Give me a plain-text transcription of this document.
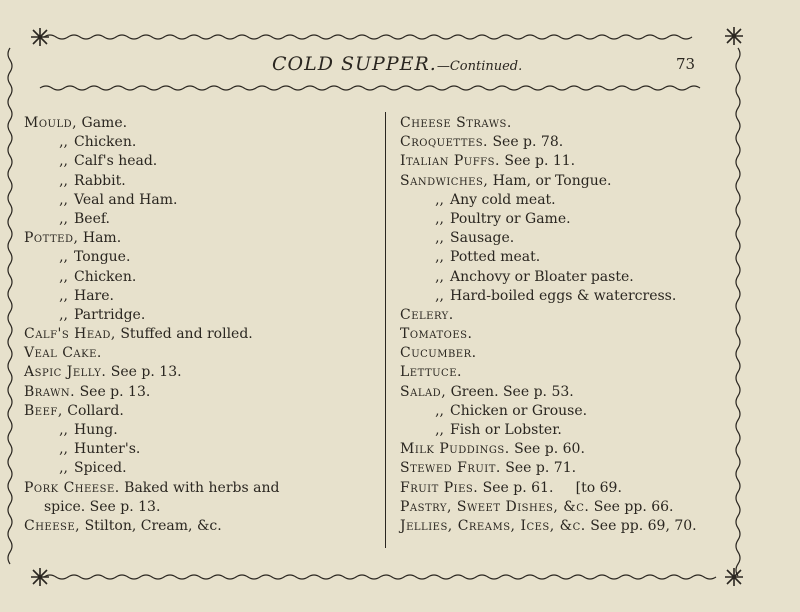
COLD SUPPER.—Continued.	73
Mould, Game.
,, Chicken.
,, Calf's head.
,, Rabbit.
,, Veal and Ham.
,, Beef.
Potted, Ham.
,, Tongue.
,, Chicken.
,, Hare.
,, Partridge.
Calf's Head, Stuffed and rolled.
Veal Cake.
Aspic Jelly. See p. 13.
Brawn. See p. 13.
Beef, Collard.
,, Hung.
,, Hunter's.
,, Spiced.
Pork Cheese. Baked with herbs and
spice. See p. 13.
Cheese, Stilton, Cream, &c.
Cheese Straws.
Croquettes. See p. 78.
Italian Puffs. See p. 11.
Sandwiches, Ham, or Tongue.
,, Any cold meat.
,, Poultry or Game.
,, Sausage.
,, Potted meat.
,, Anchovy or Bloater paste.
,, Hard-boiled eggs & watercress.
Celery.
Tomatoes.
Cucumber.
Lettuce.
Salad, Green. See p. 53.
,, Chicken or Grouse.
,, Fish or Lobster.
Milk Puddings. See p. 60.
Stewed Fruit. See p. 71.
Fruit Pies. See p. 61.     [to 69.
Pastry, Sweet Dishes, &c. See pp. 66.
Jellies, Creams, Ices, &c. See pp. 69, 70.
